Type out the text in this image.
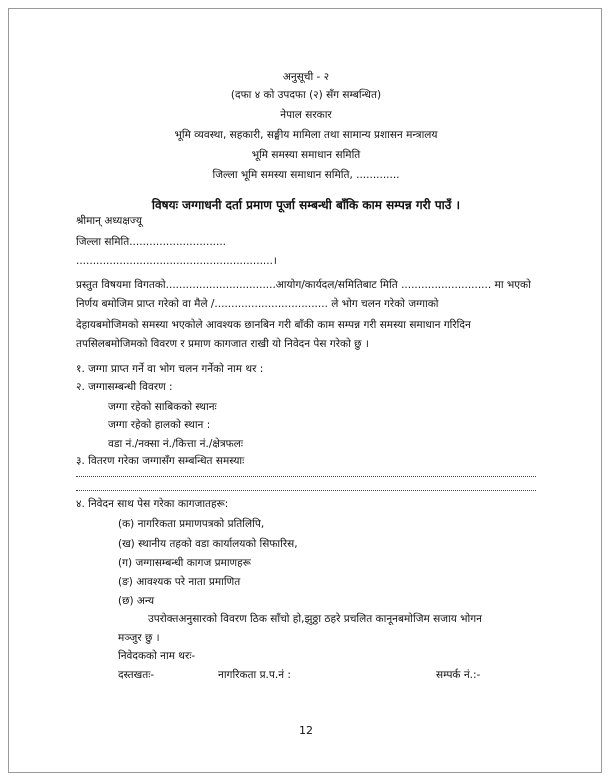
अनुसूची - २
(दफा ४ को उपदफा (२) सँग सम्बन्धित)
नेपाल सरकार
भूमि व्यवस्था, सहकारी, सङ्घीय मामिला तथा सामान्य प्रशासन मन्त्रालय
भूमि समस्या समाधान समिति
जिल्ला भूमि समस्या समाधान समिति, .............
विषयः जग्गाधनी दर्ता प्रमाण पूर्जा सम्बन्धी बाँकि काम सम्पन्न गरी पाउँ ।
श्रीमान् अध्यक्षज्यू
जिल्ला समिति.............................
...........................................................।
प्रस्तुत विषयमा विगतको.................................आयोग/कार्यदल/समितिबाट मिति ........................... मा भएको
निर्णय बमोजिम प्राप्त गरेको वा मैले /.................................. ले भोग चलन गरेको जग्गाको
देहायबमोजिमको समस्या भएकोले आवश्यक छानबिन गरी बाँकी काम सम्पन्न गरी समस्या समाधान गरिदिन
तपसिलबमोजिमको विवरण र प्रमाण कागजात राखी यो निवेदन पेस गरेको छु ।
१. जग्गा प्राप्त गर्ने वा भोग चलन गर्नेको नाम थर :
२. जग्गासम्बन्धी विवरण :
जग्गा रहेको साबिकको स्थानः
जग्गा रहेको हालको स्थान :
वडा नं./नक्सा नं./कित्ता नं./क्षेत्रफलः
३. वितरण गरेका जग्गासँग सम्बन्धित समस्याः
४. निवेदन साथ पेस गरेका कागजातहरू:
(क) नागरिकता प्रमाणपत्रको प्रतिलिपि,
(ख) स्थानीय तहको वडा कार्यालयको सिफारिस,
(ग) जग्गासम्बन्धी कागज प्रमाणहरू
(ङ) आवश्यक परे नाता प्रमाणित
(छ) अन्य
उपरोक्तअनुसारको विवरण ठिक साँचो हो,झुठ्ठा ठहरे प्रचलित कानूनबमोजिम सजाय भोगन
मञ्जुर छु ।
निवेदकको नाम थरः-
दस्तखतः-	नागरिकता प्र.प.नं :	सम्पर्क नं.:-
12
